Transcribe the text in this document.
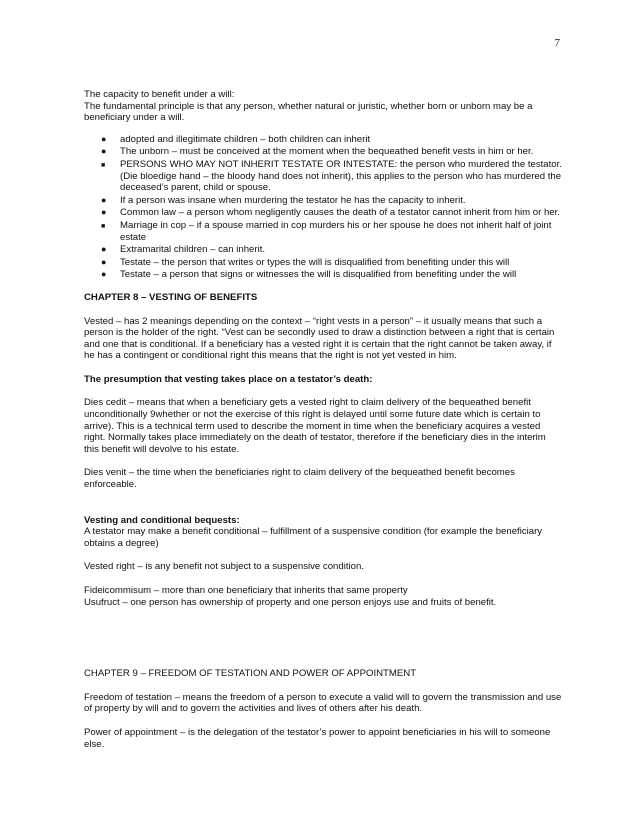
7

The capacity to benefit under a will:

The fundamental principle is that any person, whether natural or juristic, whether born or unborn may be a beneficiary under a will.

● adopted and illegitimate children – both children can inherit
● The unborn – must be conceived at the moment when the bequeathed benefit vests in him or her.
■ PERSONS WHO MAY NOT INHERIT TESTATE OR INTESTATE: the person who murdered the testator. (Die bloedige hand – the bloody hand does not inherit), this applies to the person who has murdered the deceased’s parent, child or spouse.
● If a person was insane when murdering the testator he has the capacity to inherit.
● Common law – a person whom negligently causes the death of a testator cannot inherit from him or her.
■ Marriage in cop – if a spouse married in cop murders his or her spouse he does not inherit half of joint estate
● Extramarital children – can inherit.
● Testate – the person that writes or types the will is disqualified from benefiting under this will
● Testate – a person that signs or witnesses the will is disqualified from benefiting under the will

CHAPTER 8 – VESTING OF BENEFITS

Vested – has 2 meanings depending on the context – “right vests in a person” – it usually means that such a person is the holder of the right. “Vest can be secondly used to draw a distinction between a right that is certain and one that is conditional. If a beneficiary has a vested right it is certain that the right cannot be taken away, if he has a contingent or conditional right this means that the right is not yet vested in him.

The presumption that vesting takes place on a testator’s death:

Dies cedit – means that when a beneficiary gets a vested right to claim delivery of the bequeathed benefit unconditionally 9whether or not the exercise of this right is delayed until some future date which is certain to arrive). This is a technical term used to describe the moment in time when the beneficiary acquires a vested right. Normally takes place immediately on the death of testator, therefore if the beneficiary dies in the interim this benefit will devolve to his estate.

Dies venit – the time when the beneficiaries right to claim delivery of the bequeathed benefit becomes enforceable.

Vesting and conditional bequests:

A testator may make a benefit conditional – fulfillment of a suspensive condition (for example the beneficiary obtains a degree)

Vested right – is any benefit not subject to a suspensive condition.

Fideicommisum – more than one beneficiary that inherits that same property

Usufruct – one person has ownership of property and one person enjoys use and fruits of benefit.

CHAPTER 9 – FREEDOM OF TESTATION AND POWER OF APPOINTMENT

Freedom of testation – means the freedom of a person to execute a valid will to govern the transmission and use of property by will and to govern the activities and lives of others after his death.

Power of appointment – is the delegation of the testator’s power to appoint beneficiaries in his will to someone else.
